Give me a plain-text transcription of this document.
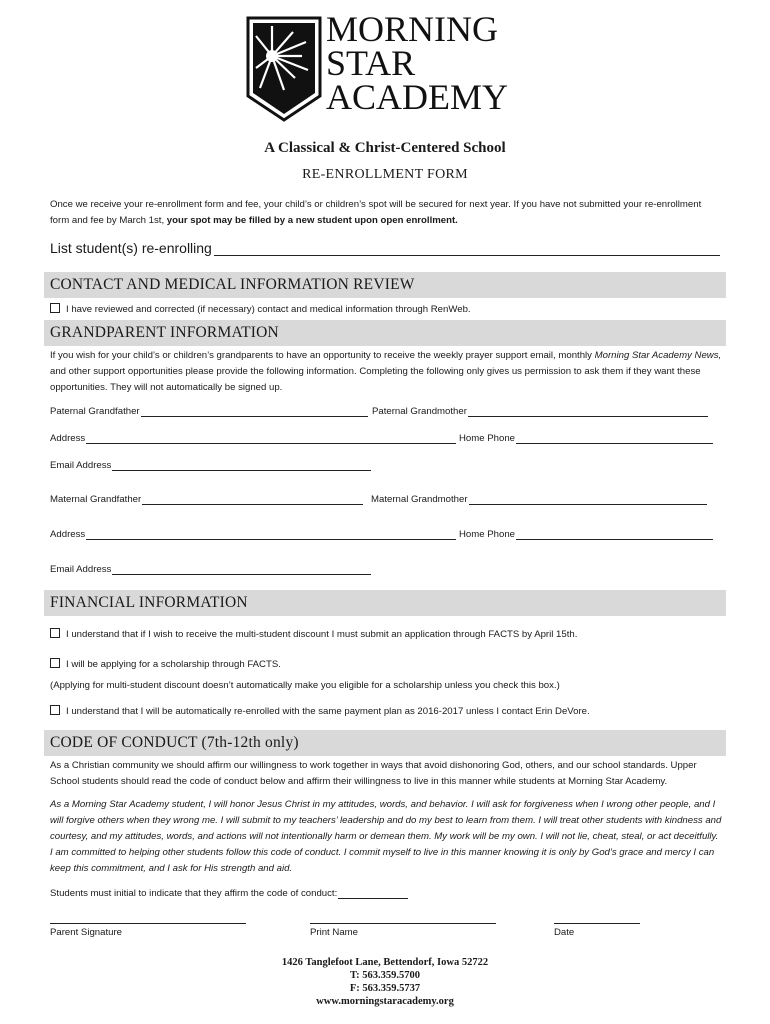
MORNING
STAR
ACADEMY
A Classical & Christ-Centered School
RE-ENROLLMENT FORM
Once we receive your re-enrollment form and fee, your child’s or children’s spot will be secured for next year. If you have not submitted your re-enrollment form and fee by March 1st, your spot may be filled by a new student upon open enrollment.
List student(s) re-enrolling
CONTACT AND MEDICAL INFORMATION REVIEW
I have reviewed and corrected (if necessary) contact and medical information through RenWeb.
GRANDPARENT INFORMATION
If you wish for your child’s or children’s grandparents to have an opportunity to receive the weekly prayer support email, monthly Morning Star Academy News, and other support opportunities please provide the following information. Completing the following only gives us permission to ask them if they want these opportunities. They will not automatically be signed up.
Paternal Grandfather	Paternal Grandmother
Address	Home Phone
Email Address
Maternal Grandfather	Maternal Grandmother
Address	Home Phone
Email Address
FINANCIAL INFORMATION
I understand that if I wish to receive the multi-student discount I must submit an application through FACTS by April 15th.
I will be applying for a scholarship through FACTS.
(Applying for multi-student discount doesn’t automatically make you eligible for a scholarship unless you check this box.)
I understand that I will be automatically re-enrolled with the same payment plan as 2016-2017 unless I contact Erin DeVore.
CODE OF CONDUCT (7th-12th only)
As a Christian community we should affirm our willingness to work together in ways that avoid dishonoring God, others, and our school standards. Upper School students should read the code of conduct below and affirm their willingness to live in this manner while students at Morning Star Academy.
As a Morning Star Academy student, I will honor Jesus Christ in my attitudes, words, and behavior. I will ask for forgiveness when I wrong other people, and I will forgive others when they wrong me. I will submit to my teachers’ leadership and do my best to learn from them. I will treat other students with kindness and courtesy, and my attitudes, words, and actions will not intentionally harm or demean them. My work will be my own. I will not lie, cheat, steal, or act deceitfully. I am committed to helping other students follow this code of conduct. I commit myself to live in this manner knowing it is only by God’s grace and mercy I can keep this commitment, and I ask for His strength and aid.
Students must initial to indicate that they affirm the code of conduct:
Parent Signature	Print Name	Date
1426 Tanglefoot Lane, Bettendorf, Iowa 52722
T: 563.359.5700
F: 563.359.5737
www.morningstaracademy.org
